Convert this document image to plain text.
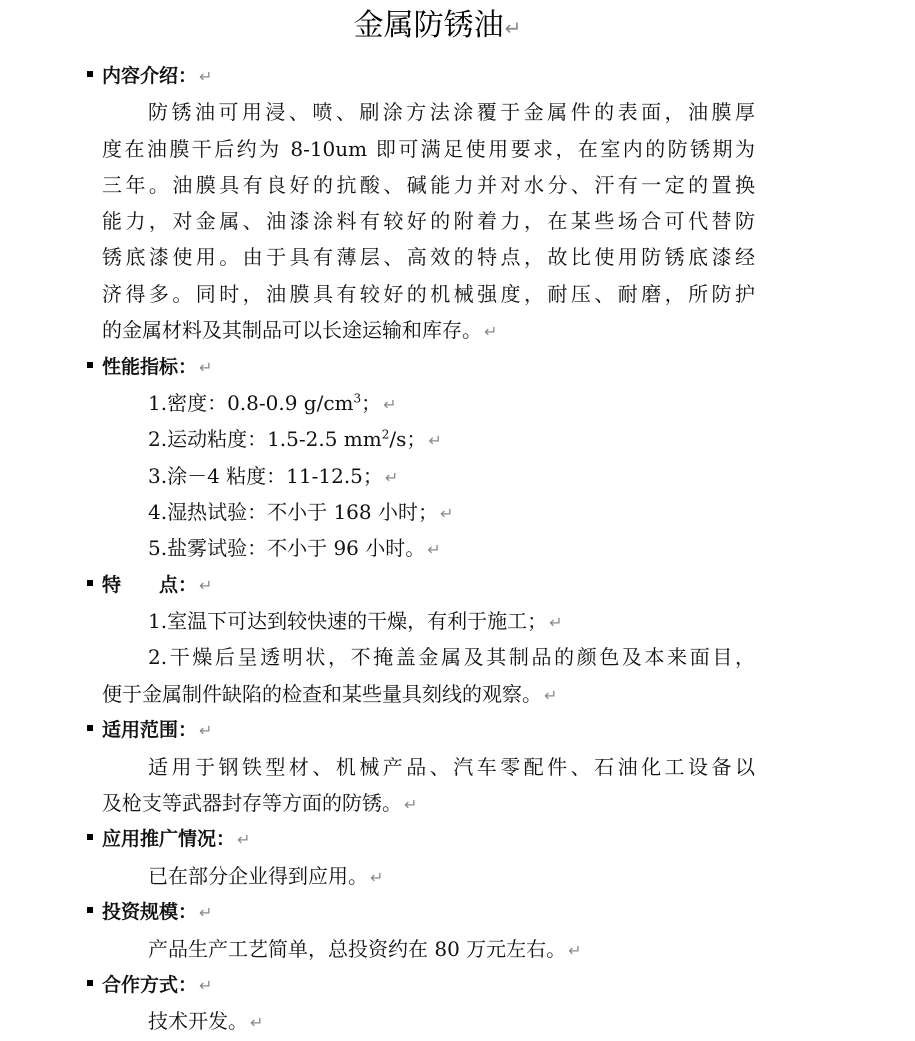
金属防锈油↵
内容介绍： ↵
防锈油可用浸、喷、刷涂方法涂覆于金属件的表面，油膜厚
度在油膜干后约为 8-10um 即可满足使用要求，在室内的防锈期为
三年。油膜具有良好的抗酸、碱能力并对水分、汗有一定的置换
能力，对金属、油漆涂料有较好的附着力，在某些场合可代替防
锈底漆使用。由于具有薄层、高效的特点，故比使用防锈底漆经
济得多。同时，油膜具有较好的机械强度，耐压、耐磨，所防护
的金属材料及其制品可以长途运输和库存。 ↵
性能指标： ↵
1.密度：0.8-0.9 $g/cm^3$； ↵
2.运动粘度：1.5-2.5 $mm^2/s$； ↵
3.涂－4 粘度：11-12.5； ↵
4.湿热试验：不小于 168 小时； ↵
5.盐雾试验：不小于 96 小时。 ↵
特　　点： ↵
1.室温下可达到较快速的干燥，有利于施工； ↵
2.干燥后呈透明状，不掩盖金属及其制品的颜色及本来面目，
便于金属制件缺陷的检查和某些量具刻线的观察。 ↵
适用范围： ↵
适用于钢铁型材、机械产品、汽车零配件、石油化工设备以
及枪支等武器封存等方面的防锈。 ↵
应用推广情况： ↵
已在部分企业得到应用。 ↵
投资规模： ↵
产品生产工艺简单，总投资约在 80 万元左右。 ↵
合作方式： ↵
技术开发。 ↵
